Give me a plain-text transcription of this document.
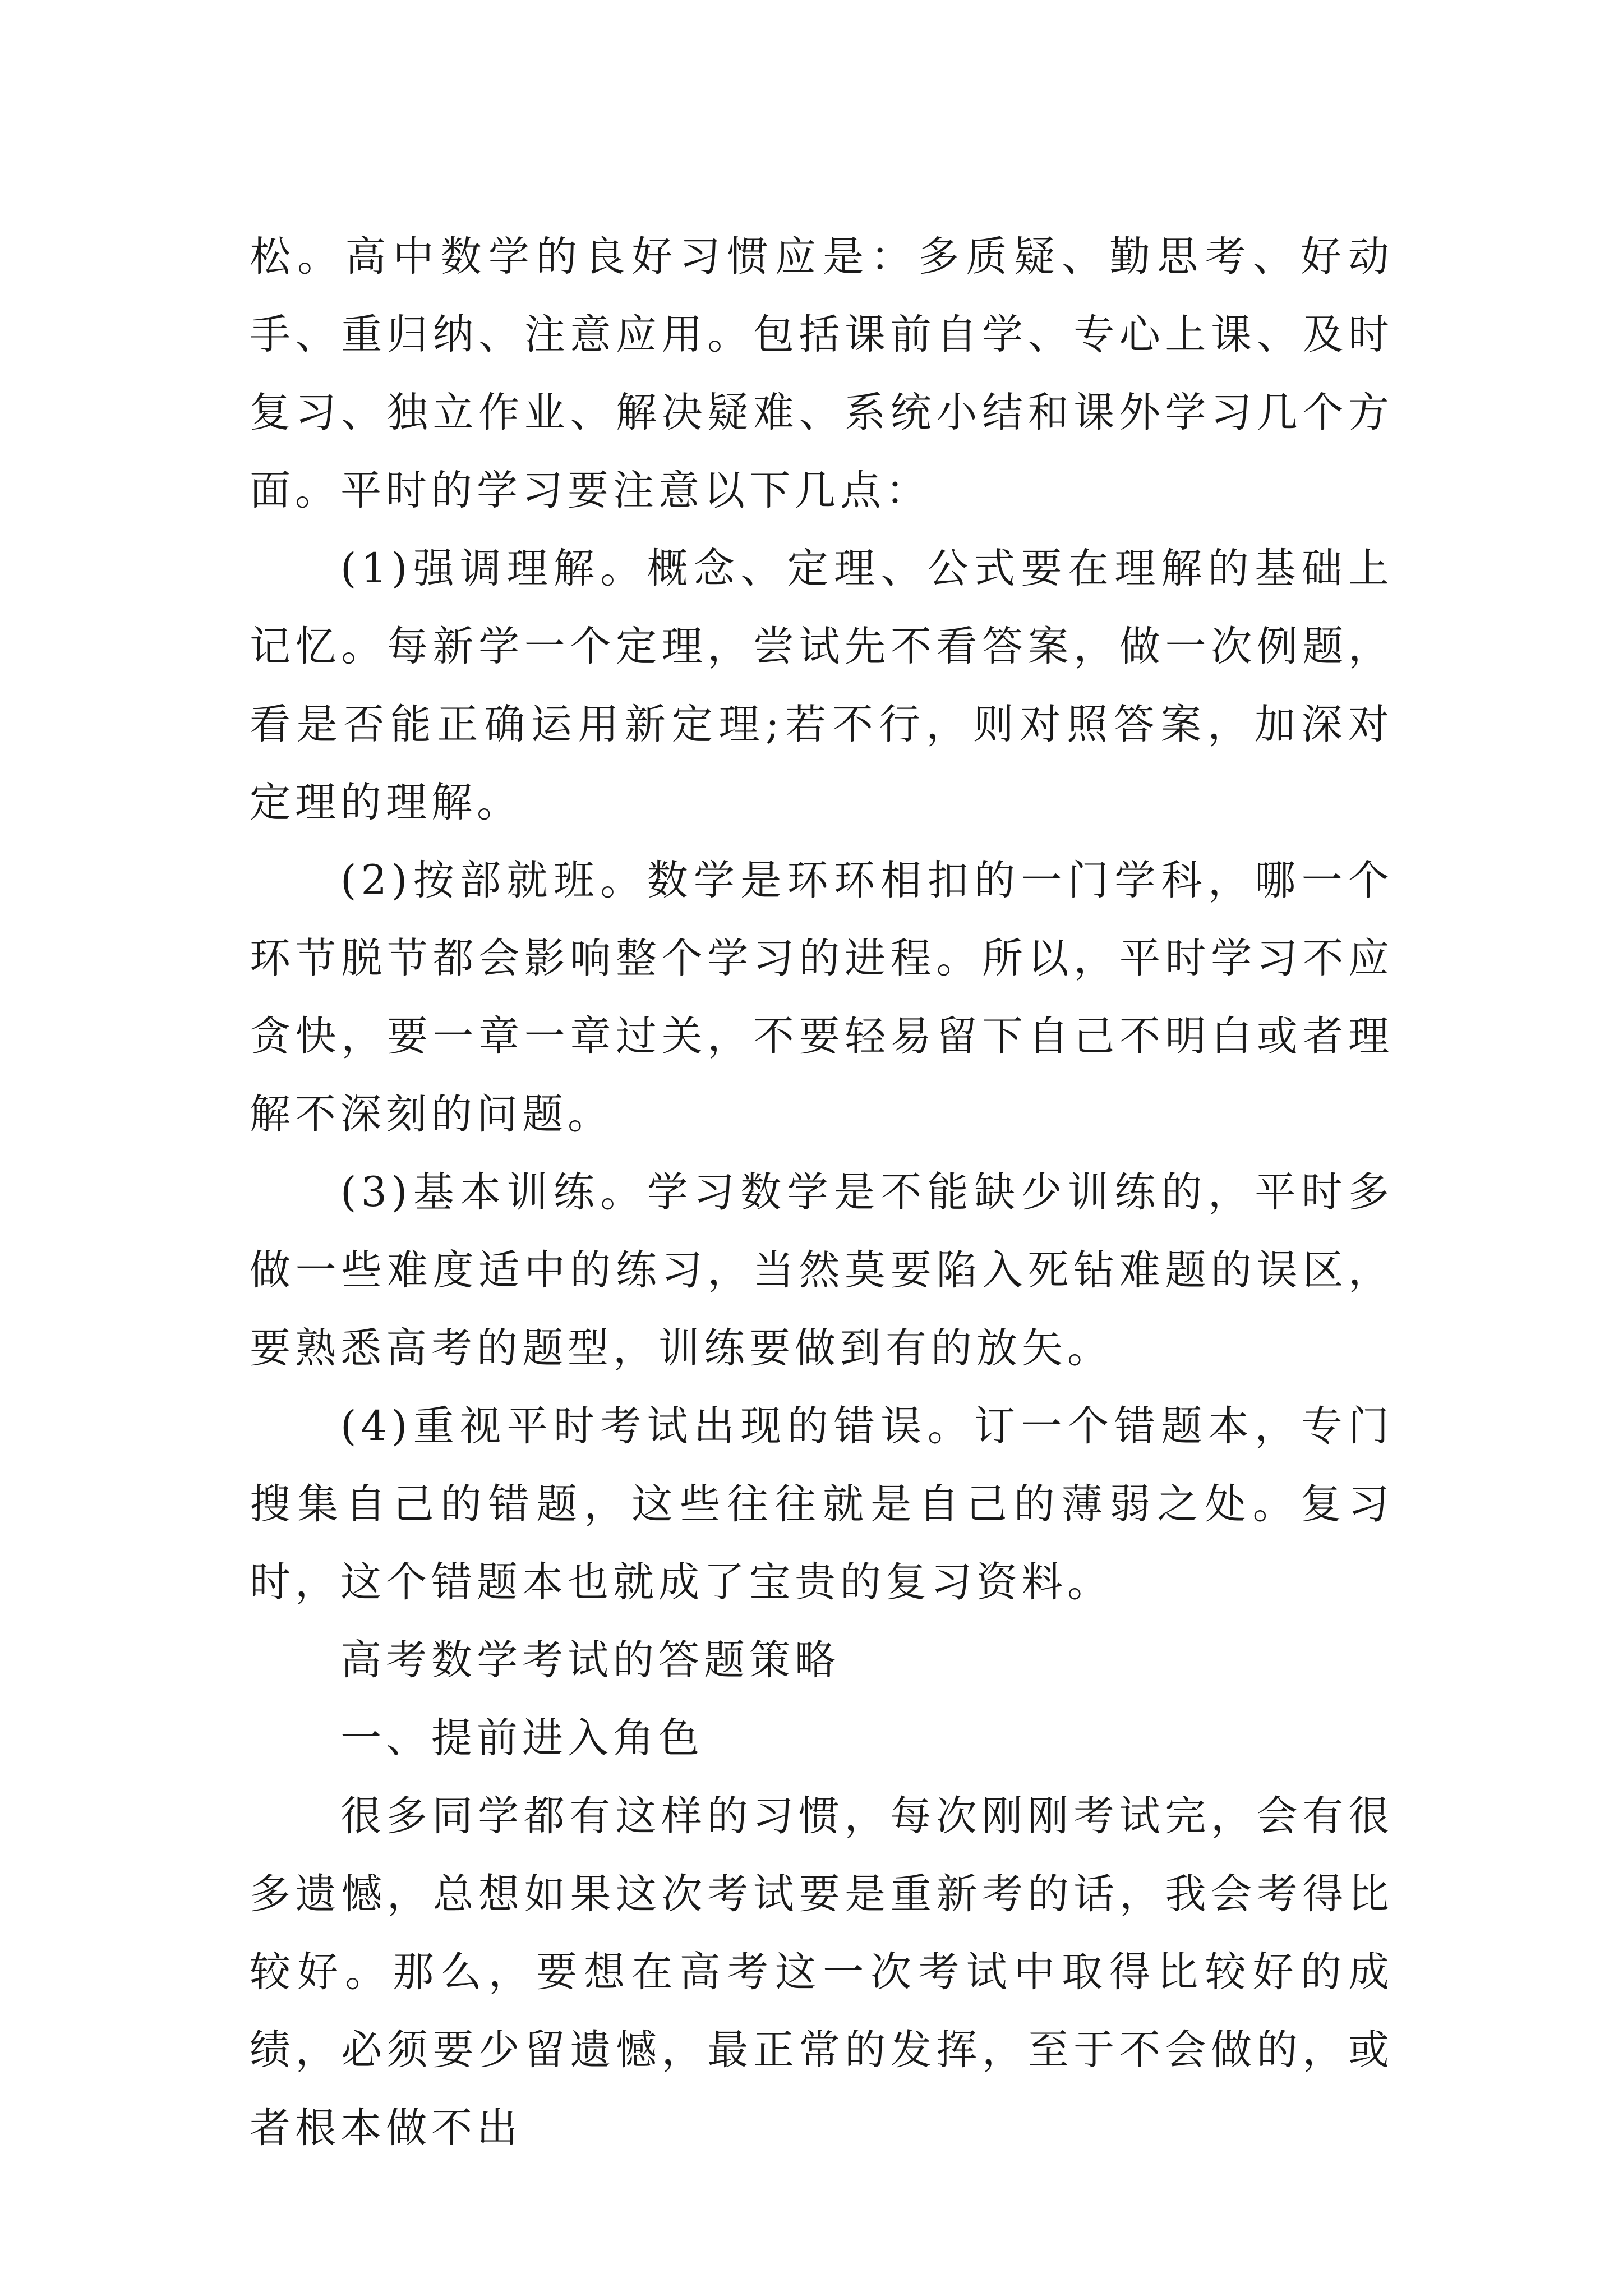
松。高中数学的良好习惯应是：多质疑、勤思考、好动手、重归纳、注意应用。包括课前自学、专心上课、及时复习、独立作业、解决疑难、系统小结和课外学习几个方面。平时的学习要注意以下几点：

(1)强调理解。概念、定理、公式要在理解的基础上记忆。每新学一个定理，尝试先不看答案，做一次例题，看是否能正确运用新定理;若不行，则对照答案，加深对定理的理解。

(2)按部就班。数学是环环相扣的一门学科，哪一个环节脱节都会影响整个学习的进程。所以，平时学习不应贪快，要一章一章过关，不要轻易留下自己不明白或者理解不深刻的问题。

(3)基本训练。学习数学是不能缺少训练的，平时多做一些难度适中的练习，当然莫要陷入死钻难题的误区，要熟悉高考的题型，训练要做到有的放矢。

(4)重视平时考试出现的错误。订一个错题本，专门搜集自己的错题，这些往往就是自己的薄弱之处。复习时，这个错题本也就成了宝贵的复习资料。

高考数学考试的答题策略

一、提前进入角色

很多同学都有这样的习惯，每次刚刚考试完，会有很多遗憾，总想如果这次考试要是重新考的话，我会考得比较好。那么，要想在高考这一次考试中取得比较好的成绩，必须要少留遗憾，最正常的发挥，至于不会做的，或者根本做不出
